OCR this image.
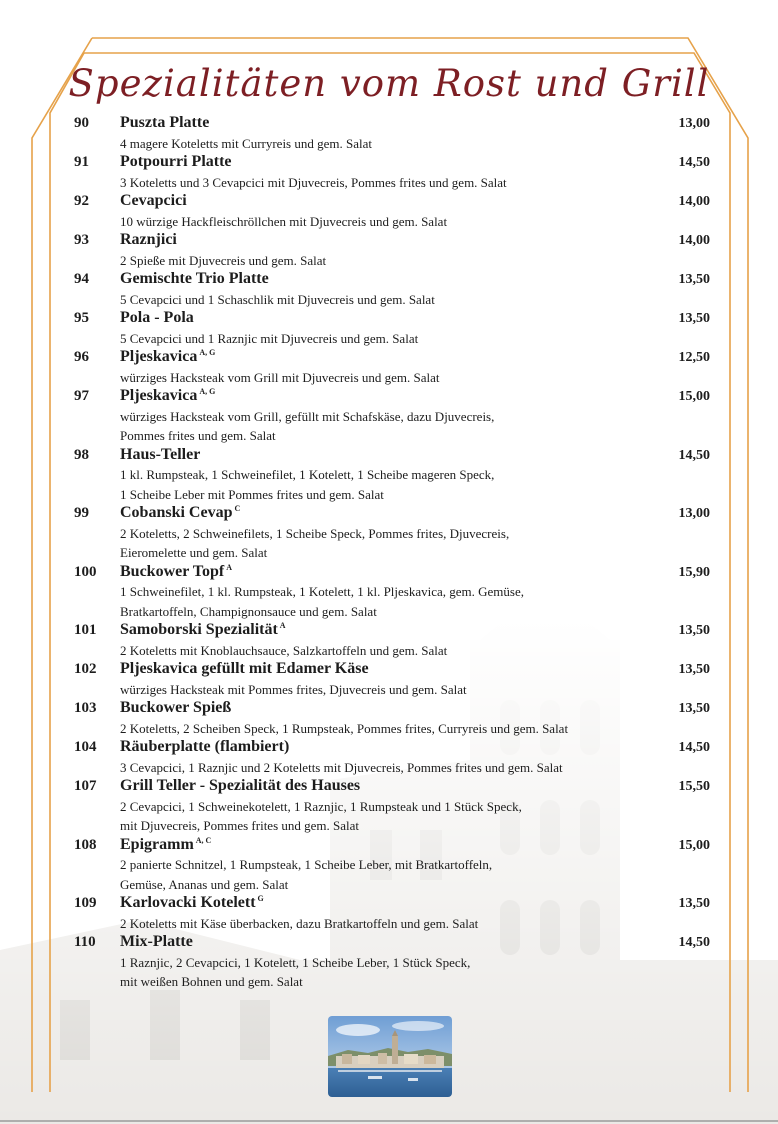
Spezialitäten vom Rost und Grill
90	Puszta Platte	13,00
4 magere Koteletts mit Curryreis und gem. Salat
91	Potpourri Platte	14,50
3 Koteletts und 3 Cevapcici mit Djuvecreis, Pommes frites und gem. Salat
92	Cevapcici	14,00
10 würzige Hackfleischröllchen mit Djuvecreis und gem. Salat
93	Raznjici	14,00
2 Spieße mit Djuvecreis und gem. Salat
94	Gemischte Trio Platte	13,50
5 Cevapcici und 1 Schaschlik mit Djuvecreis und gem. Salat
95	Pola - Pola	13,50
5 Cevapcici und 1 Raznjic mit Djuvecreis und gem. Salat
96	Pljeskavica $^{A, G}$	12,50
würziges Hacksteak vom Grill mit Djuvecreis und gem. Salat
97	Pljeskavica $^{A, G}$	15,00
würziges Hacksteak vom Grill, gefüllt mit Schafskäse, dazu Djuvecreis,
Pommes frites und gem. Salat
98	Haus-Teller	14,50
1 kl. Rumpsteak, 1 Schweinefilet, 1 Kotelett, 1 Scheibe mageren Speck,
1 Scheibe Leber mit Pommes frites und gem. Salat
99	Cobanski Cevap $^C$	13,00
2 Koteletts, 2 Schweinefilets, 1 Scheibe Speck, Pommes frites, Djuvecreis,
Eieromelette und gem. Salat
100	Buckower Topf $^A$	15,90
1 Schweinefilet, 1 kl. Rumpsteak, 1 Kotelett, 1 kl. Pljeskavica, gem. Gemüse,
Bratkartoffeln, Champignonsauce und gem. Salat
101	Samoborski Spezialität $^A$	13,50
2 Koteletts mit Knoblauchsauce, Salzkartoffeln und gem. Salat
102	Pljeskavica gefüllt mit Edamer Käse	13,50
würziges Hacksteak mit Pommes frites, Djuvecreis und gem. Salat
103	Buckower Spieß	13,50
2 Koteletts, 2 Scheiben Speck, 1 Rumpsteak, Pommes frites, Curryreis und gem. Salat
104	Räuberplatte (flambiert)	14,50
3 Cevapcici, 1 Raznjic und 2 Koteletts mit Djuvecreis, Pommes frites und gem. Salat
107	Grill Teller - Spezialität des Hauses	15,50
2 Cevapcici, 1 Schweinekotelett, 1 Raznjic, 1 Rumpsteak und 1 Stück Speck,
mit Djuvecreis, Pommes frites und gem. Salat
108	Epigramm $^{A, C}$	15,00
2 panierte Schnitzel, 1 Rumpsteak, 1 Scheibe Leber, mit Bratkartoffeln,
Gemüse, Ananas und gem. Salat
109	Karlovacki Kotelett $^G$	13,50
2 Koteletts mit Käse überbacken, dazu Bratkartoffeln und gem. Salat
110	Mix-Platte	14,50
1 Raznjic, 2 Cevapcici, 1 Kotelett, 1 Scheibe Leber, 1 Stück Speck,
mit weißen Bohnen und gem. Salat
